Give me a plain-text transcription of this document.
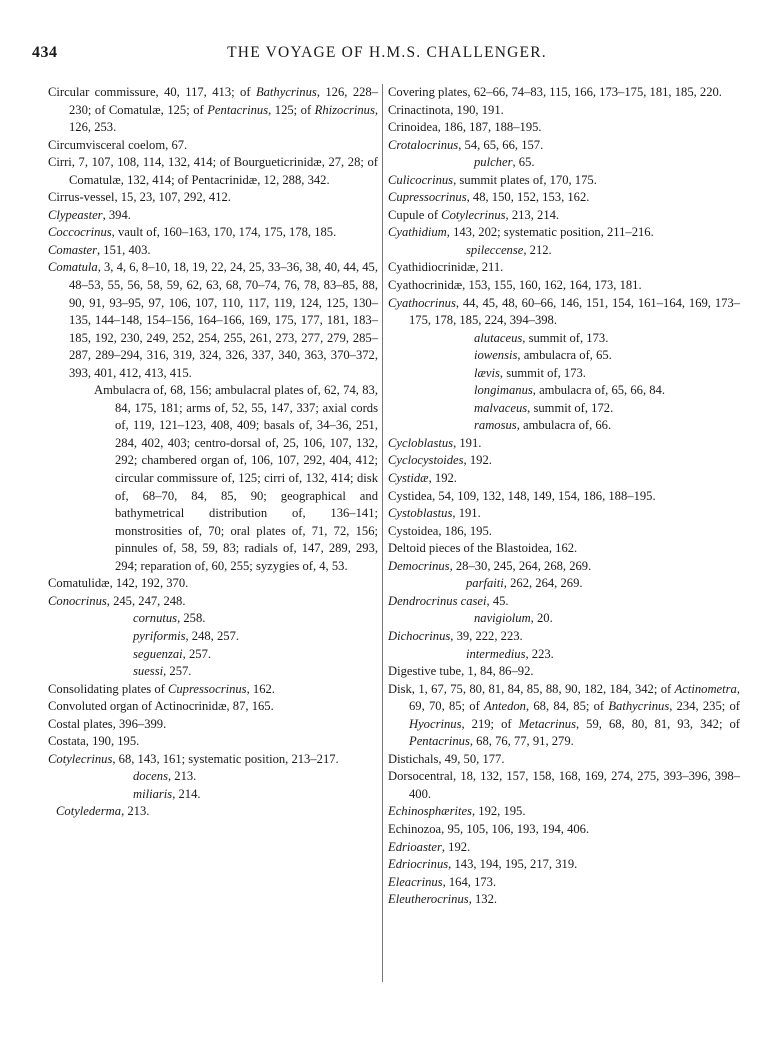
434	THE VOYAGE OF H.M.S. CHALLENGER.
Circular commissure, 40, 117, 413; of Bathycrinus, 126, 228–230; of Comatulæ, 125; of Pentacrinus, 125; of Rhizocrinus, 126, 253.
Circumvisceral coelom, 67.
Cirri, 7, 107, 108, 114, 132, 414; of Bourgueticrinidæ, 27, 28; of Comatulæ, 132, 414; of Pentacrinidæ, 12, 288, 342.
Cirrus-vessel, 15, 23, 107, 292, 412.
Clypeaster, 394.
Coccocrinus, vault of, 160–163, 170, 174, 175, 178, 185.
Comaster, 151, 403.
Comatula, 3, 4, 6, 8–10, 18, 19, 22, 24, 25, 33–36, 38, 40, 44, 45, 48–53, 55, 56, 58, 59, 62, 63, 68, 70–74, 76, 78, 83–85, 88, 90, 91, 93–95, 97, 106, 107, 110, 117, 119, 124, 125, 130–135, 144–148, 154–156, 164–166, 169, 175, 177, 181, 183–185, 192, 230, 249, 252, 254, 255, 261, 273, 277, 279, 285–287, 289–294, 316, 319, 324, 326, 337, 340, 363, 370–372, 393, 401, 412, 413, 415.
Ambulacra of, 68, 156; ambulacral plates of, 62, 74, 83, 84, 175, 181; arms of, 52, 55, 147, 337; axial cords of, 119, 121–123, 408, 409; basals of, 34–36, 251, 284, 402, 403; centro-dorsal of, 25, 106, 107, 132, 292; chambered organ of, 106, 107, 292, 404, 412; circular commissure of, 125; cirri of, 132, 414; disk of, 68–70, 84, 85, 90; geographical and bathymetrical distribution of, 136–141; monstrosities of, 70; oral plates of, 71, 72, 156; pinnules of, 58, 59, 83; radials of, 147, 289, 293, 294; reparation of, 60, 255; syzygies of, 4, 53.
Comatulidæ, 142, 192, 370.
Conocrinus, 245, 247, 248.
cornutus, 258.
pyriformis, 248, 257.
seguenzai, 257.
suessi, 257.
Consolidating plates of Cupressocrinus, 162.
Convoluted organ of Actinocrinidæ, 87, 165.
Costal plates, 396–399.
Costata, 190, 195.
Cotylecrinus, 68, 143, 161; systematic position, 213–217.
docens, 213.
miliaris, 214.
Cotylederma, 213.
Covering plates, 62–66, 74–83, 115, 166, 173–175, 181, 185, 220.
Crinactinota, 190, 191.
Crinoidea, 186, 187, 188–195.
Crotalocrinus, 54, 65, 66, 157.
pulcher, 65.
Culicocrinus, summit plates of, 170, 175.
Cupressocrinus, 48, 150, 152, 153, 162.
Cupule of Cotylecrinus, 213, 214.
Cyathidium, 143, 202; systematic position, 211–216.
spileccense, 212.
Cyathidiocrinidæ, 211.
Cyathocrinidæ, 153, 155, 160, 162, 164, 173, 181.
Cyathocrinus, 44, 45, 48, 60–66, 146, 151, 154, 161–164, 169, 173–175, 178, 185, 224, 394–398.
alutaceus, summit of, 173.
iowensis, ambulacra of, 65.
lævis, summit of, 173.
longimanus, ambulacra of, 65, 66, 84.
malvaceus, summit of, 172.
ramosus, ambulacra of, 66.
Cycloblastus, 191.
Cyclocystoides, 192.
Cystidæ, 192.
Cystidea, 54, 109, 132, 148, 149, 154, 186, 188–195.
Cystoblastus, 191.
Cystoidea, 186, 195.
Deltoid pieces of the Blastoidea, 162.
Democrinus, 28–30, 245, 264, 268, 269.
parfaiti, 262, 264, 269.
Dendrocrinus casei, 45.
navigiolum, 20.
Dichocrinus, 39, 222, 223.
intermedius, 223.
Digestive tube, 1, 84, 86–92.
Disk, 1, 67, 75, 80, 81, 84, 85, 88, 90, 182, 184, 342; of Actinometra, 69, 70, 85; of Antedon, 68, 84, 85; of Bathycrinus, 234, 235; of Hyocrinus, 219; of Metacrinus, 59, 68, 80, 81, 93, 342; of Pentacrinus, 68, 76, 77, 91, 279.
Distichals, 49, 50, 177.
Dorsocentral, 18, 132, 157, 158, 168, 169, 274, 275, 393–396, 398–400.
Echinosphærites, 192, 195.
Echinozoa, 95, 105, 106, 193, 194, 406.
Edrioaster, 192.
Edriocrinus, 143, 194, 195, 217, 319.
Eleacrinus, 164, 173.
Eleutherocrinus, 132.
